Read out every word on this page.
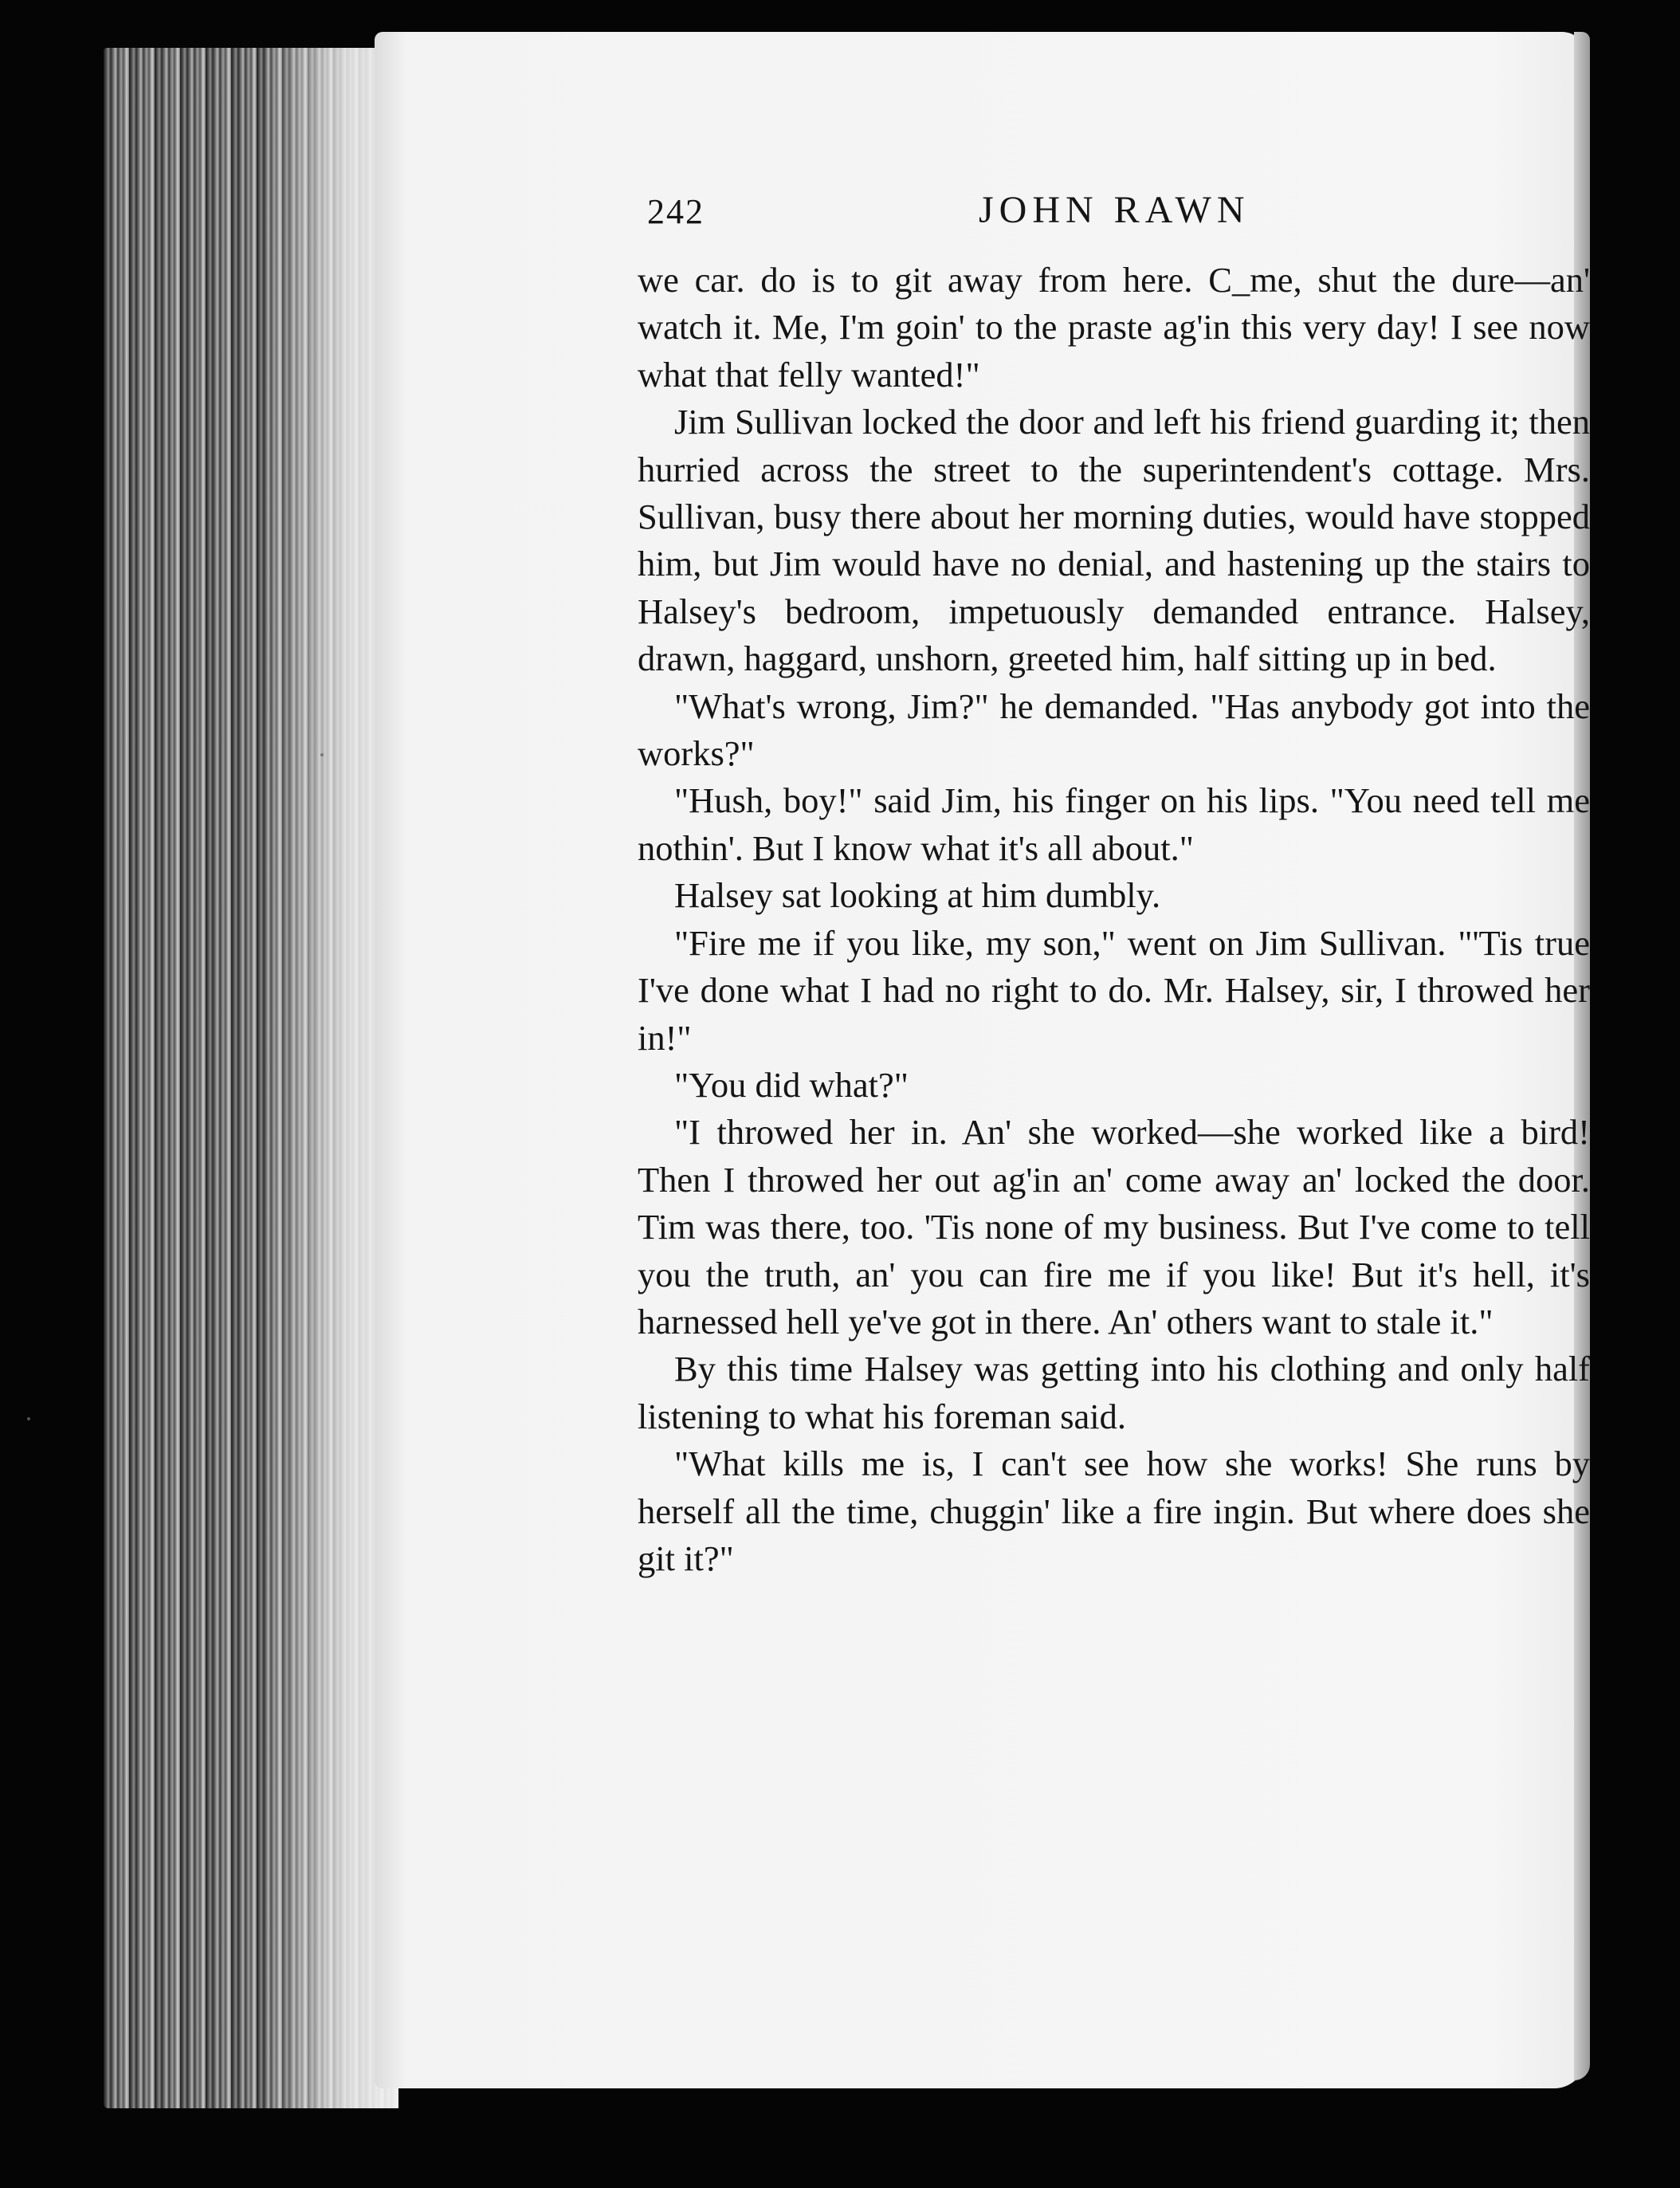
242	JOHN RAWN

we car. do is to git away from here. C_me, shut the dure—an' watch it. Me, I'm goin' to the praste ag'in this very day! I see now what that felly wanted!"

Jim Sullivan locked the door and left his friend guarding it; then hurried across the street to the superintendent's cottage. Mrs. Sullivan, busy there about her morning duties, would have stopped him, but Jim would have no denial, and hastening up the stairs to Halsey's bedroom, impetuously demanded entrance. Halsey, drawn, haggard, unshorn, greeted him, half sitting up in bed.

"What's wrong, Jim?" he demanded. "Has anybody got into the works?"

"Hush, boy!" said Jim, his finger on his lips. "You need tell me nothin'. But I know what it's all about."

Halsey sat looking at him dumbly.

"Fire me if you like, my son," went on Jim Sullivan. "'Tis true I've done what I had no right to do. Mr. Halsey, sir, I throwed her in!"

"You did what?"

"I throwed her in. An' she worked—she worked like a bird! Then I throwed her out ag'in an' come away an' locked the door. Tim was there, too. 'Tis none of my business. But I've come to tell you the truth, an' you can fire me if you like! But it's hell, it's harnessed hell ye've got in there. An' others want to stale it."

By this time Halsey was getting into his clothing and only half listening to what his foreman said.

"What kills me is, I can't see how she works! She runs by herself all the time, chuggin' like a fire ingin. But where does she git it?"
